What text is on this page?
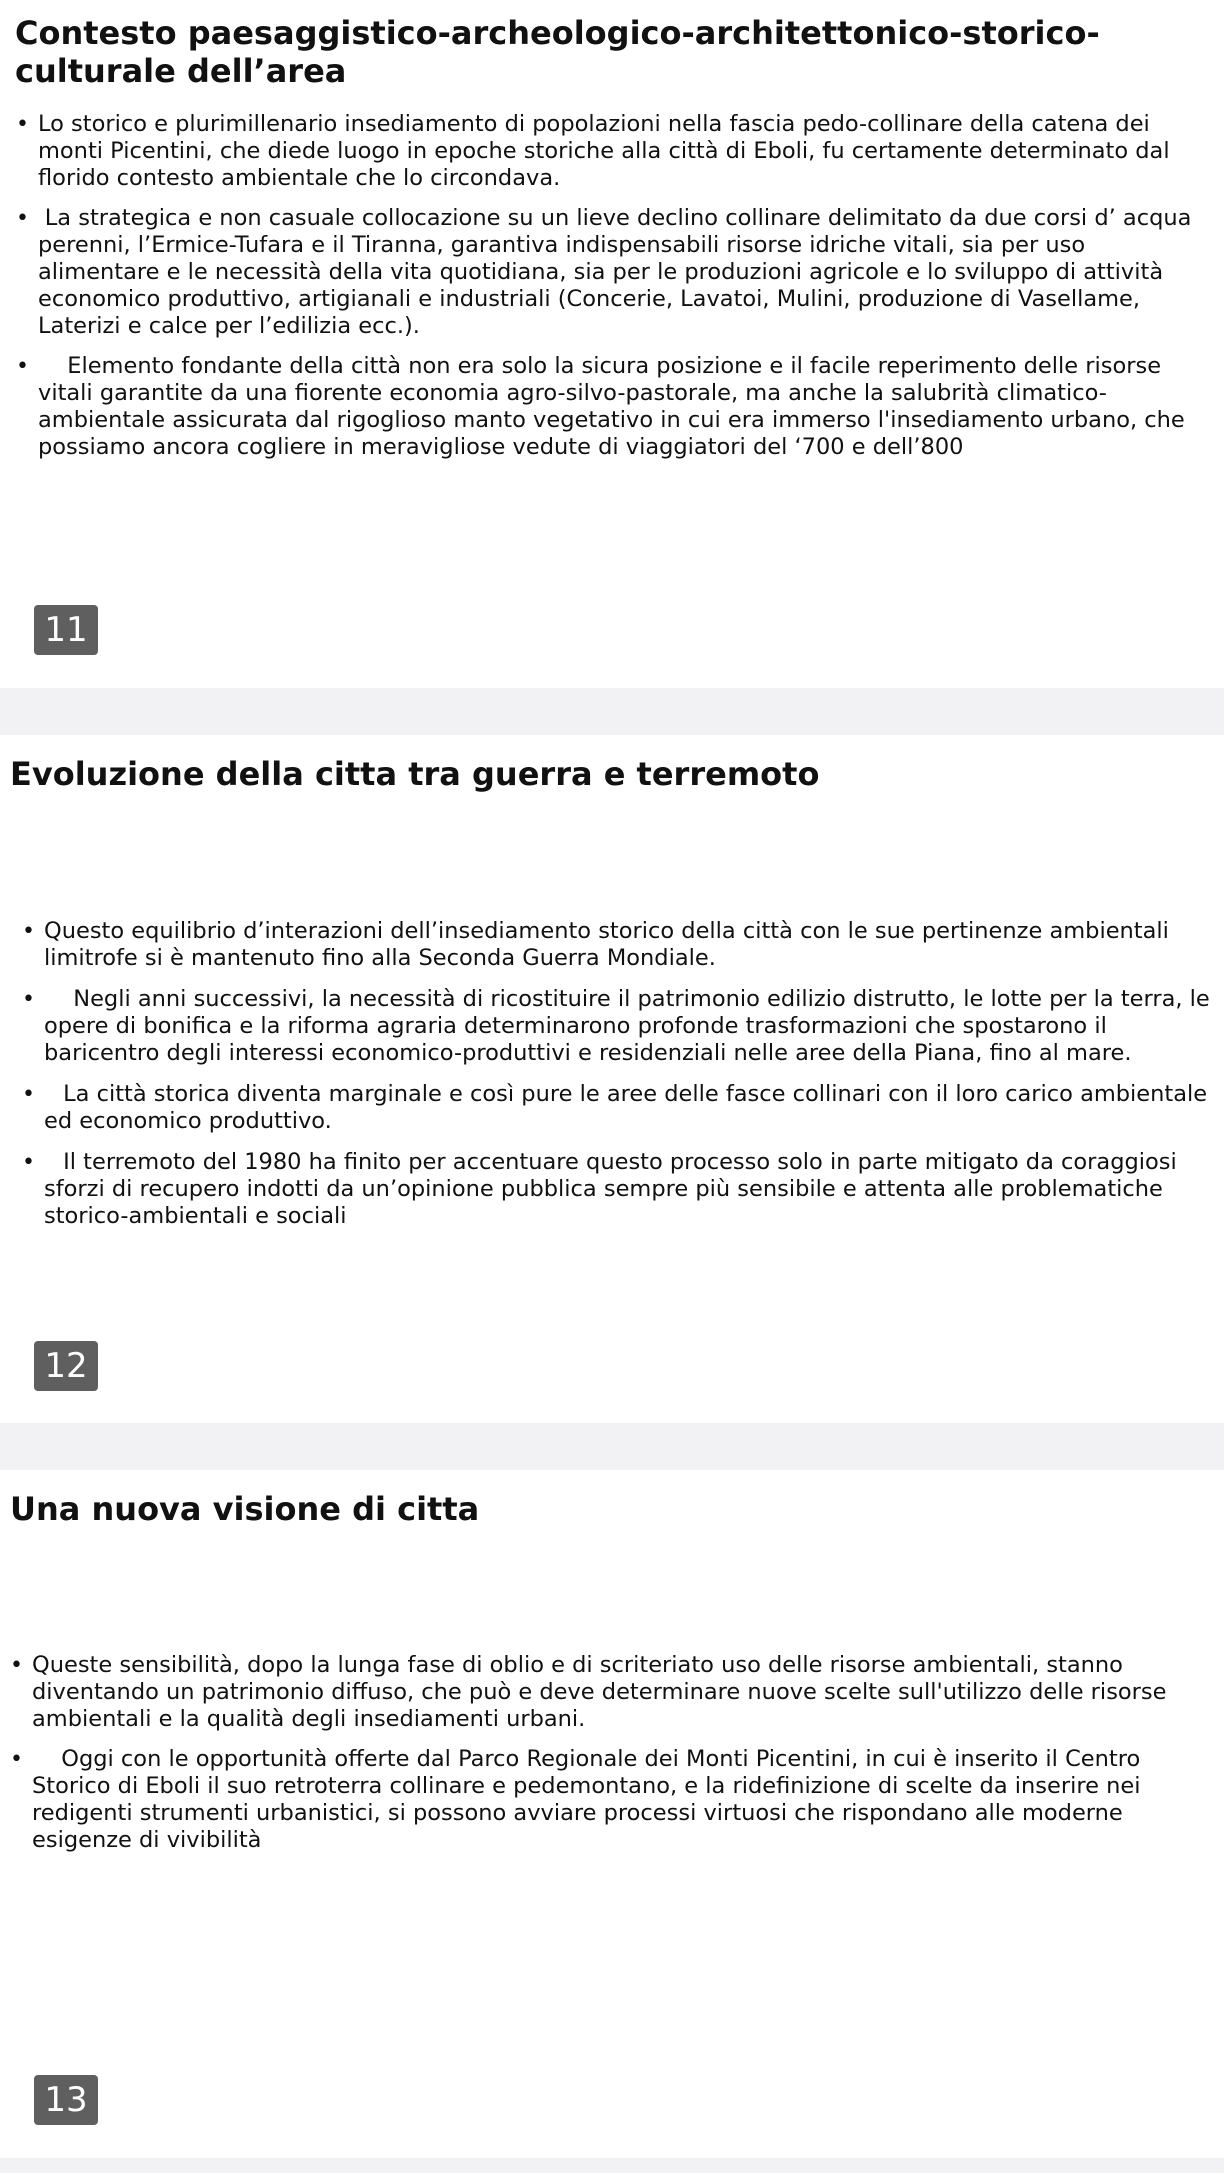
Contesto paesaggistico-archeologico-architettonico-storico-culturale dell’area
• Lo storico e plurimillenario insediamento di popolazioni nella fascia pedo-collinare della catena dei monti Picentini, che diede luogo in epoche storiche alla città di Eboli, fu certamente determinato dal florido contesto ambientale che lo circondava.
• La strategica e non casuale collocazione su un lieve declino collinare delimitato da due corsi d’ acqua perenni, l’Ermice-Tufara e il Tiranna, garantiva indispensabili risorse idriche vitali, sia per uso alimentare e le necessità della vita quotidiana, sia per le produzioni agricole e lo sviluppo di attività economico produttivo, artigianali e industriali (Concerie, Lavatoi, Mulini, produzione di Vasellame, Laterizi e calce per l’edilizia ecc.).
•	Elemento fondante della città non era solo la sicura posizione e il facile reperimento delle risorse vitali garantite da una fiorente economia agro-silvo-pastorale, ma anche la salubrità climatico-ambientale assicurata dal rigoglioso manto vegetativo in cui era immerso l'insediamento urbano, che possiamo ancora cogliere in meravigliose vedute di viaggiatori del ‘700 e dell’800
11
Evoluzione della citta tra guerra e terremoto
• Questo equilibrio d’interazioni dell’insediamento storico della città con le sue pertinenze ambientali limitrofe si è mantenuto fino alla Seconda Guerra Mondiale.
•	Negli anni successivi, la necessità di ricostituire il patrimonio edilizio distrutto, le lotte per la terra, le opere di bonifica e la riforma agraria determinarono profonde trasformazioni che spostarono il baricentro degli interessi economico-produttivi e residenziali nelle aree della Piana, fino al mare.
•	La città storica diventa marginale e così pure le aree delle fasce collinari con il loro carico ambientale ed economico produttivo.
•	Il terremoto del 1980 ha finito per accentuare questo processo solo in parte mitigato da coraggiosi sforzi di recupero indotti da un’opinione pubblica sempre più sensibile e attenta alle problematiche storico-ambientali e sociali
12
Una nuova visione di citta
• Queste sensibilità, dopo la lunga fase di oblio e di scriteriato uso delle risorse ambientali, stanno diventando un patrimonio diffuso, che può e deve determinare nuove scelte sull'utilizzo delle risorse ambientali e la qualità degli insediamenti urbani.
•	Oggi con le opportunità offerte dal Parco Regionale dei Monti Picentini, in cui è inserito il Centro Storico di Eboli il suo retroterra collinare e pedemontano, e la ridefinizione di scelte da inserire nei redigenti strumenti urbanistici, si possono avviare processi virtuosi che rispondano alle moderne esigenze di vivibilità
13
